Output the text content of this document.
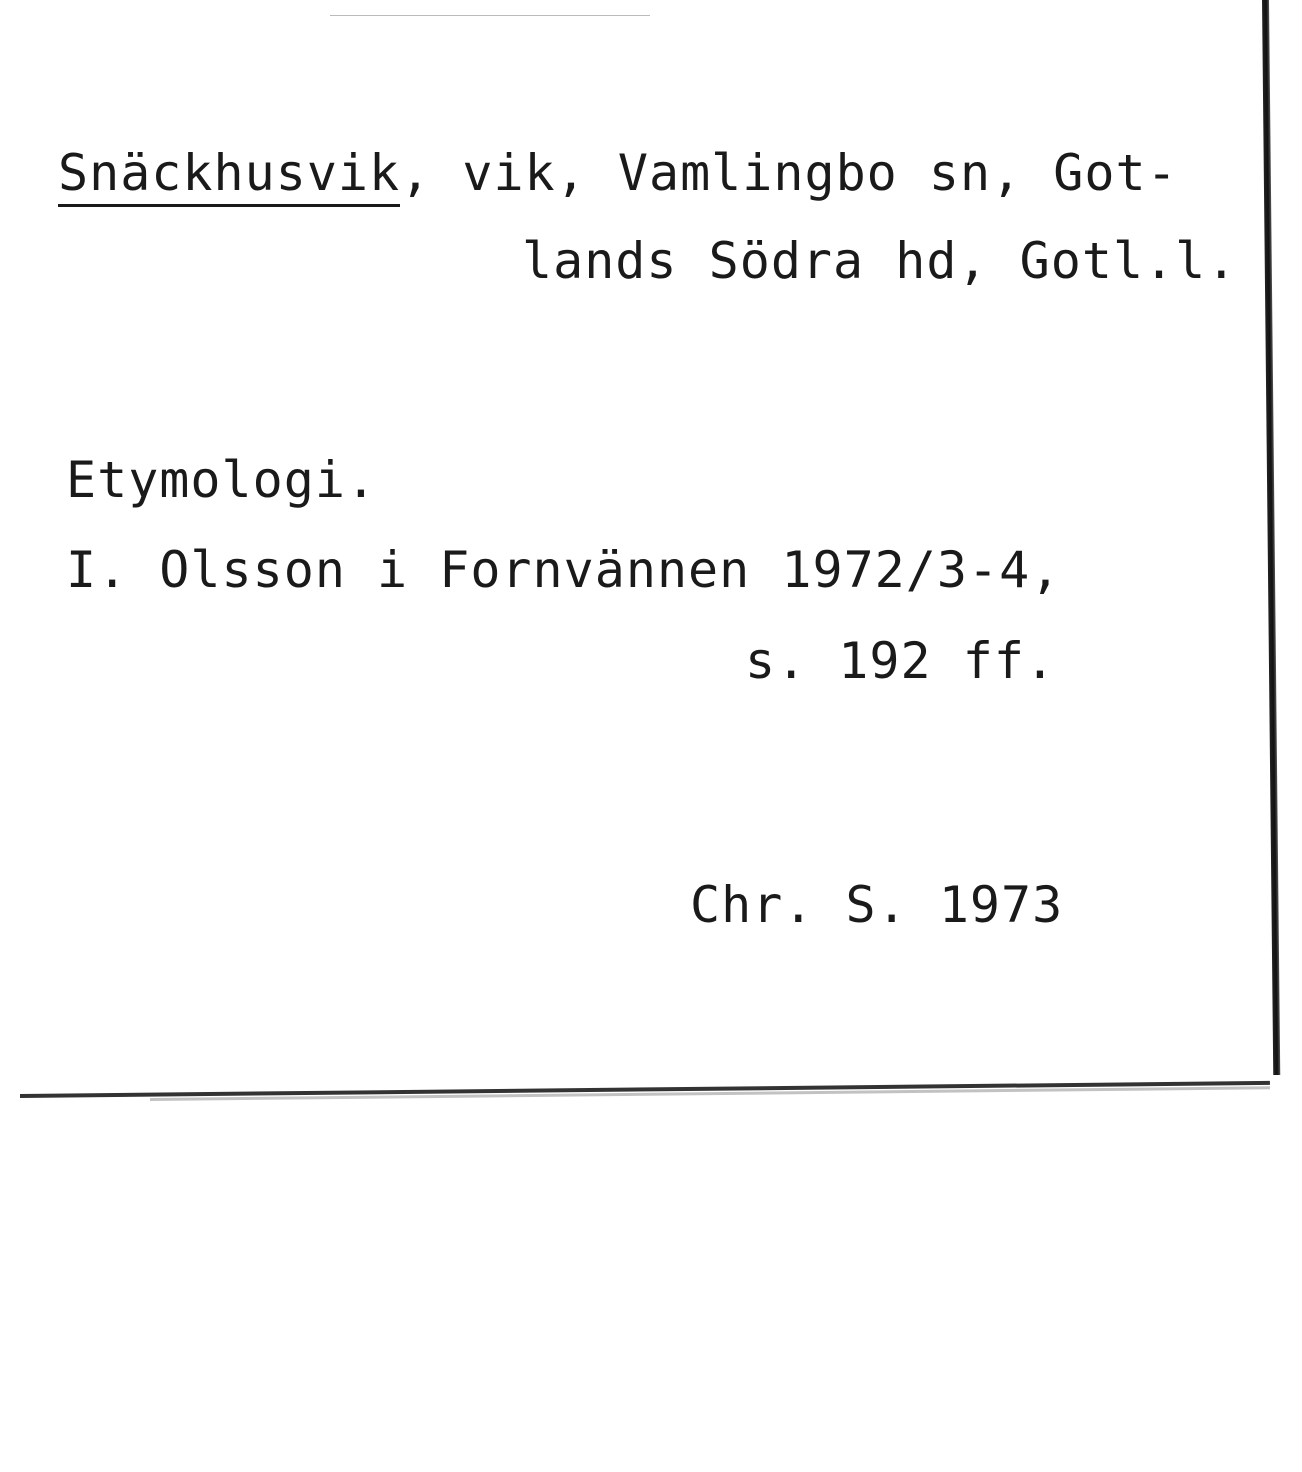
Snäckhusvik, vik, Vamlingbo sn, Got-
lands Södra hd, Gotl.l.
Etymologi.
I. Olsson i Fornvännen 1972/3-4,
s. 192 ff.
Chr. S. 1973
